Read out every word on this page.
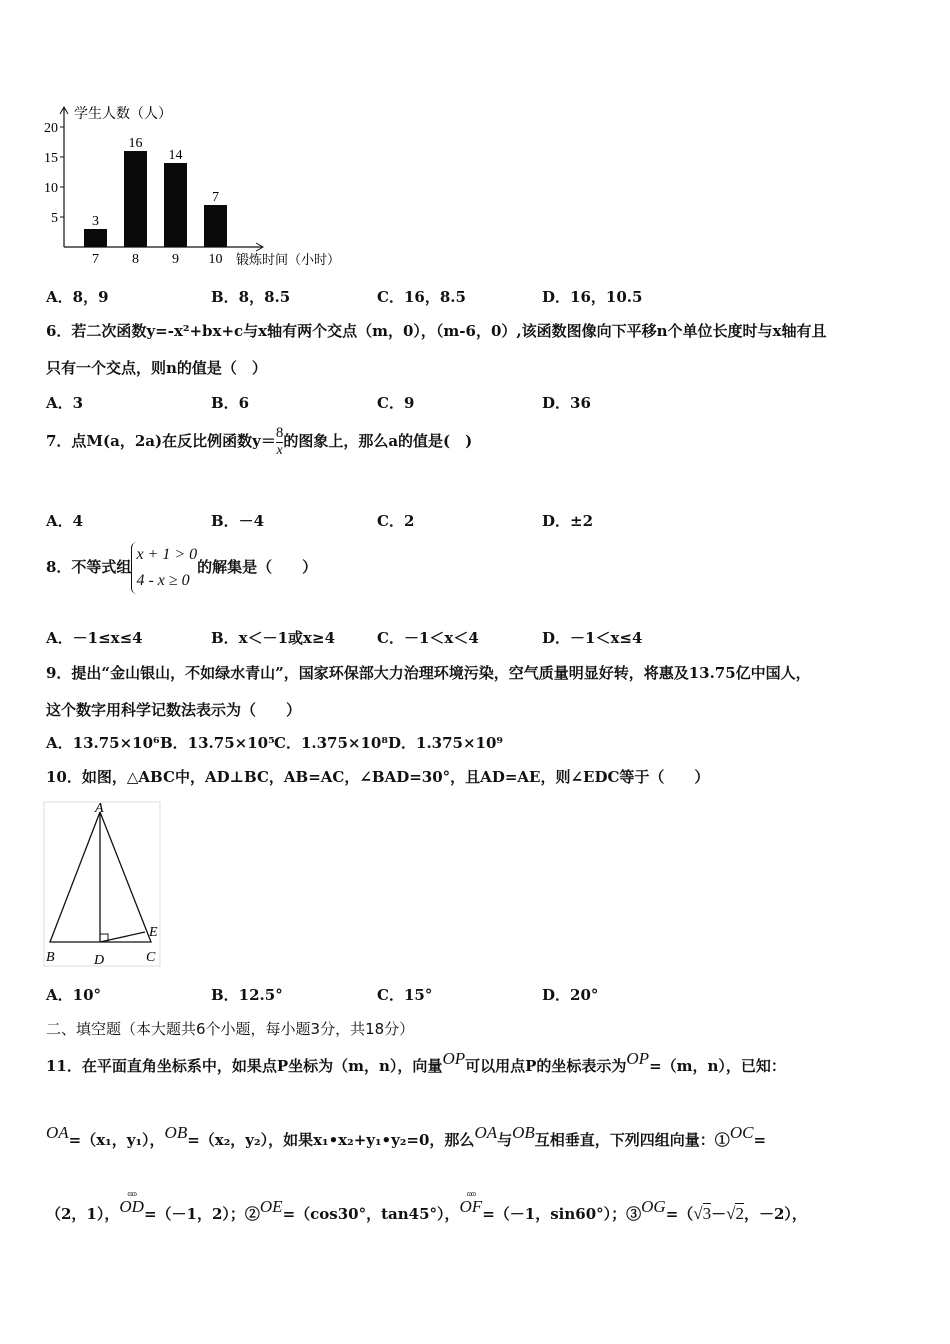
5
10
15
20
学生人数（人）
锻炼时间（小时）
3
7
16
8
14
9
7
10
A．8，9	B．8，8.5	C．16，8.5	D．16，10.5
6．若二次函数y=-x²+bx+c与x轴有两个交点（m，0），（m-6，0）,该函数图像向下平移n个单位长度时与x轴有且
只有一个交点，则n的值是（　）
A．3	B．6	C．9	D．36
7．点M(a，2a)在反比例函数$y= \frac{8}{x}$ 的图象上，那么a的值是(　)
A．4	B．－4	C．2	D．±2
8．不等式组x + 1 > 0
4 - x ≥ 0的解集是（　　）
A．－1≤x≤4	B．x＜－1或x≥4	C．－1＜x＜4	D．－1＜x≤4
9．提出“金山银山，不如绿水青山”，国家环保部大力治理环境污染，空气质量明显好转，将惠及13.75亿中国人，
这个数字用科学记数法表示为（　　）
A．13.75×10⁶ B．13.75×10⁵ C．1.375×10⁸ D．1.375×10⁹
10．如图，△ABC中，AD⊥BC，AB=AC，∠BAD=30°，且AD=AE，则∠EDC等于（　　）
A
B	D	C
E
A．10°	B．12.5°	C．15°	D．20°
二、填空题（本大题共6个小题，每小题3分，共18分）
11．在平面直角坐标系中，如果点P坐标为（m，n），向量OP可以用点P的坐标表示为OP=（m，n），已知：
OA=（x₁，y₁），OB=（x₂，y₂），如果x₁•x₂+y₁•y₂=0，那么OA与OB互相垂直，下列四组向量：①OC=
（2，1），
ɷɷ
OD=（－1，2）；②OE=（cos30°，tan45°），
ɷɷ
OF=（－1，sin60°）；③OG=（√3－√2，－2），
